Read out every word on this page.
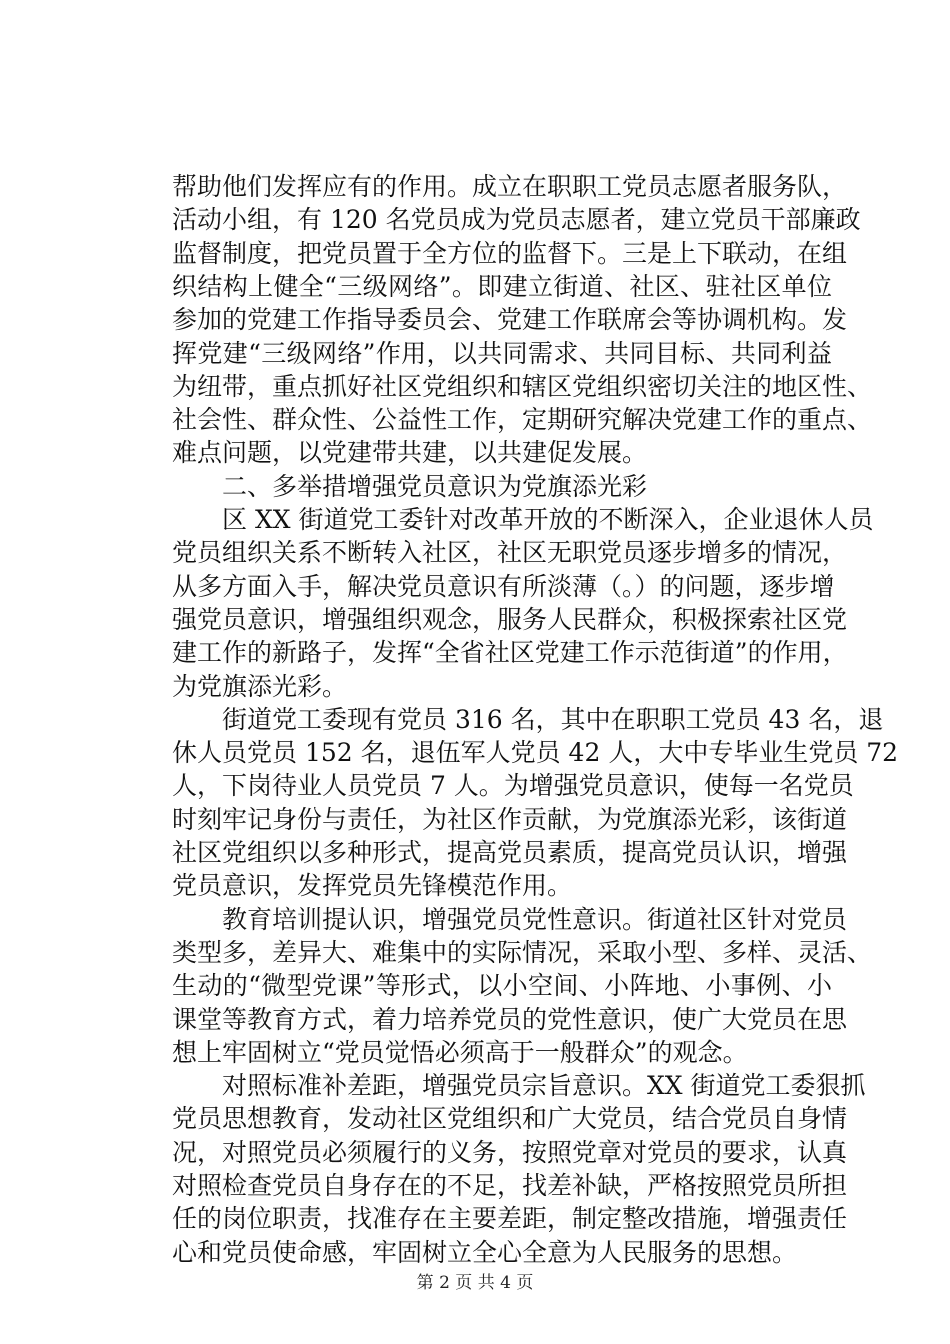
帮助他们发挥应有的作用。成立在职职工党员志愿者服务队，
活动小组，有 120 名党员成为党员志愿者，建立党员干部廉政
监督制度，把党员置于全方位的监督下。三是上下联动，在组
织结构上健全“三级网络”。即建立街道、社区、驻社区单位
参加的党建工作指导委员会、党建工作联席会等协调机构。发
挥党建“三级网络”作用，以共同需求、共同目标、共同利益
为纽带，重点抓好社区党组织和辖区党组织密切关注的地区性、
社会性、群众性、公益性工作，定期研究解决党建工作的重点、
难点问题，以党建带共建，以共建促发展。
二、多举措增强党员意识为党旗添光彩
区 XX 街道党工委针对改革开放的不断深入，企业退休人员
党员组织关系不断转入社区，社区无职党员逐步增多的情况，
从多方面入手，解决党员意识有所淡薄（。）的问题，逐步增
强党员意识，增强组织观念，服务人民群众，积极探索社区党
建工作的新路子，发挥“全省社区党建工作示范街道”的作用，
为党旗添光彩。
街道党工委现有党员 316 名，其中在职职工党员 43 名，退
休人员党员 152 名，退伍军人党员 42 人，大中专毕业生党员 72
人，下岗待业人员党员 7 人。为增强党员意识，使每一名党员
时刻牢记身份与责任，为社区作贡献，为党旗添光彩，该街道
社区党组织以多种形式，提高党员素质，提高党员认识，增强
党员意识，发挥党员先锋模范作用。
教育培训提认识，增强党员党性意识。街道社区针对党员
类型多，差异大、难集中的实际情况，采取小型、多样、灵活、
生动的“微型党课”等形式，以小空间、小阵地、小事例、小
课堂等教育方式，着力培养党员的党性意识，使广大党员在思
想上牢固树立“党员觉悟必须高于一般群众”的观念。
对照标准补差距，增强党员宗旨意识。XX 街道党工委狠抓
党员思想教育，发动社区党组织和广大党员，结合党员自身情
况，对照党员必须履行的义务，按照党章对党员的要求，认真
对照检查党员自身存在的不足，找差补缺，严格按照党员所担
任的岗位职责，找准存在主要差距，制定整改措施，增强责任
心和党员使命感，牢固树立全心全意为人民服务的思想。
第 2 页 共 4 页
